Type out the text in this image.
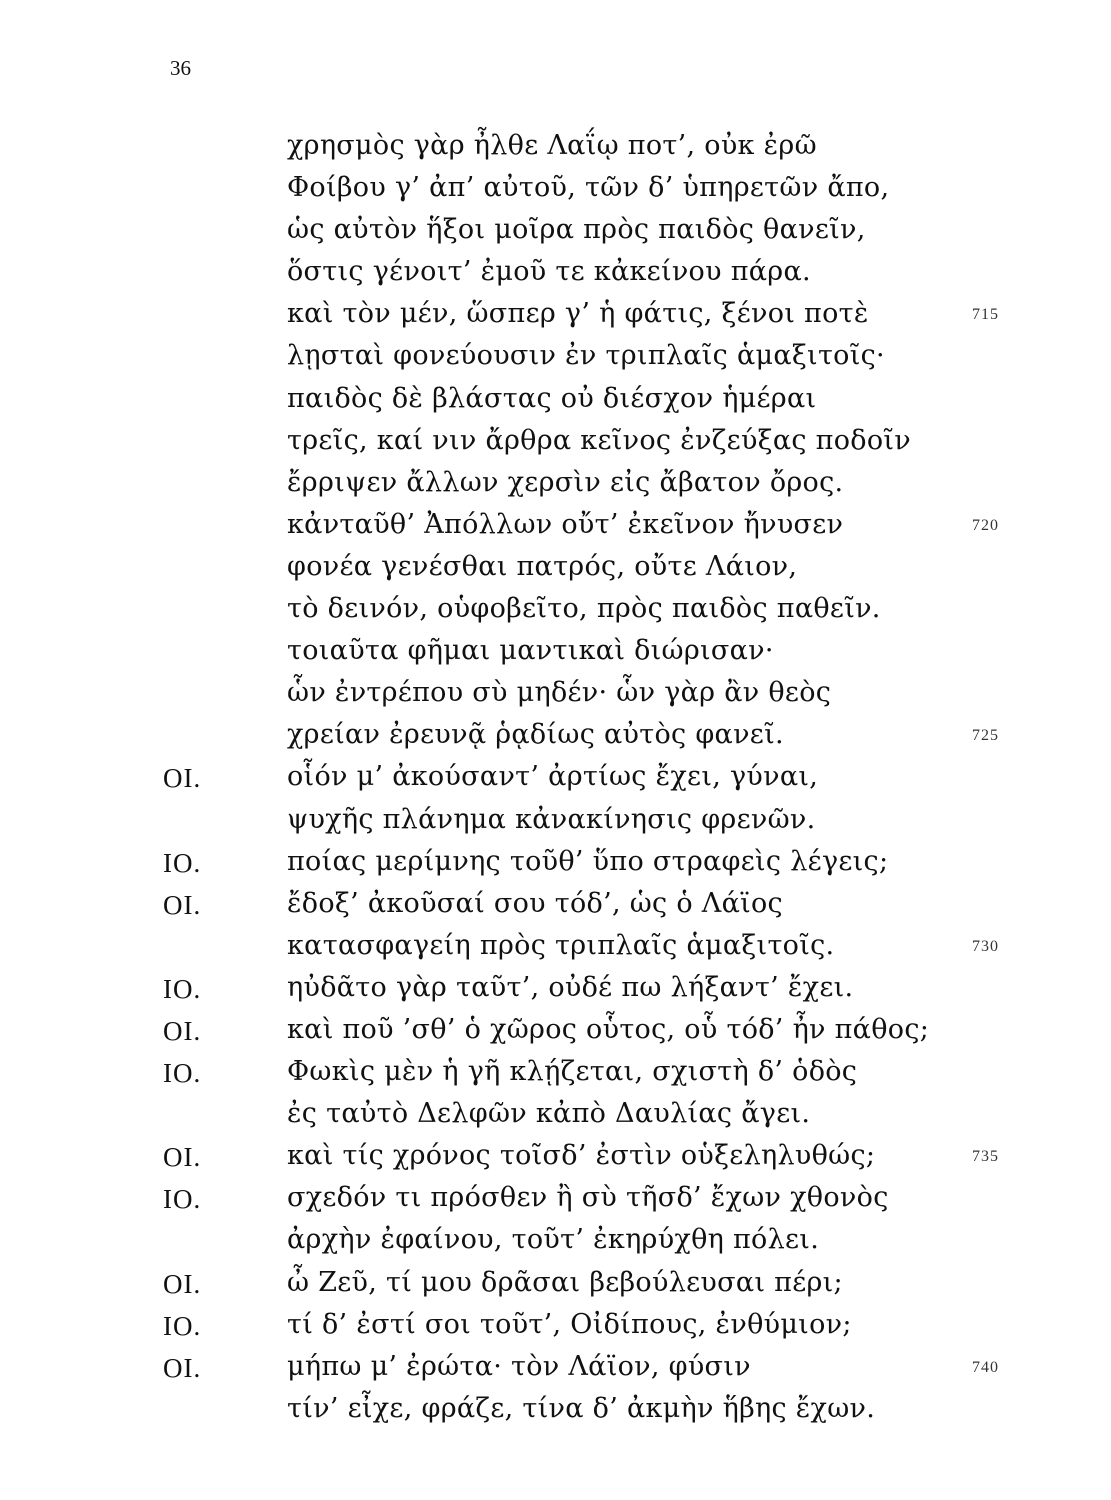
36
χρησμὸς γὰρ ἦλθε Λαΐῳ ποτ’, οὐκ ἐρῶ
Φοίβου γ’ ἀπ’ αὐτοῦ, τῶν δ’ ὑπηρετῶν ἄπο,
ὡς αὐτὸν ἥξοι μοῖρα πρὸς παιδὸς θανεῖν,
ὅστις γένοιτ’ ἐμοῦ τε κἀκείνου πάρα.
καὶ τὸν μέν, ὥσπερ γ’ ἡ φάτις, ξένοι ποτὲ	715
λῃσταὶ φονεύουσιν ἐν τριπλαῖς ἁμαξιτοῖς·
παιδὸς δὲ βλάστας οὐ διέσχον ἡμέραι
τρεῖς, καί νιν ἄρθρα κεῖνος ἐνζεύξας ποδοῖν
ἔρριψεν ἄλλων χερσὶν εἰς ἄβατον ὄρος.
κἀνταῦθ’ Ἀπόλλων οὔτ’ ἐκεῖνον ἤνυσεν	720
φονέα γενέσθαι πατρός, οὔτε Λάιον,
τὸ δεινόν, οὑφοβεῖτο, πρὸς παιδὸς παθεῖν.
τοιαῦτα φῆμαι μαντικαὶ διώρισαν·
ὧν ἐντρέπου σὺ μηδέν· ὧν γὰρ ἂν θεὸς
χρείαν ἐρευνᾷ ῥᾳδίως αὐτὸς φανεῖ.	725
ΟΙ.	οἷόν μ’ ἀκούσαντ’ ἀρτίως ἔχει, γύναι,
ψυχῆς πλάνημα κἀνακίνησις φρενῶν.
ΙΟ.	ποίας μερίμνης τοῦθ’ ὕπο στραφεὶς λέγεις;
ΟΙ.	ἔδοξ’ ἀκοῦσαί σου τόδ’, ὡς ὁ Λάϊος
κατασφαγείη πρὸς τριπλαῖς ἁμαξιτοῖς.	730
ΙΟ.	ηὐδᾶτο γὰρ ταῦτ’, οὐδέ πω λήξαντ’ ἔχει.
ΟΙ.	καὶ ποῦ ’σθ’ ὁ χῶρος οὗτος, οὗ τόδ’ ἦν πάθος;
ΙΟ.	Φωκὶς μὲν ἡ γῆ κλῄζεται, σχιστὴ δ’ ὁδὸς
ἐς ταὐτὸ Δελφῶν κἀπὸ Δαυλίας ἄγει.
ΟΙ.	καὶ τίς χρόνος τοῖσδ’ ἐστὶν οὑξεληλυθώς;	735
ΙΟ.	σχεδόν τι πρόσθεν ἢ σὺ τῆσδ’ ἔχων χθονὸς
ἀρχὴν ἐφαίνου, τοῦτ’ ἐκηρύχθη πόλει.
ΟΙ.	ὦ Ζεῦ, τί μου δρᾶσαι βεβούλευσαι πέρι;
ΙΟ.	τί δ’ ἐστί σοι τοῦτ’, Οἰδίπους, ἐνθύμιον;
ΟΙ.	μήπω μ’ ἐρώτα· τὸν Λάϊον, φύσιν	740
τίν’ εἶχε, φράζε, τίνα δ’ ἀκμὴν ἥβης ἔχων.
